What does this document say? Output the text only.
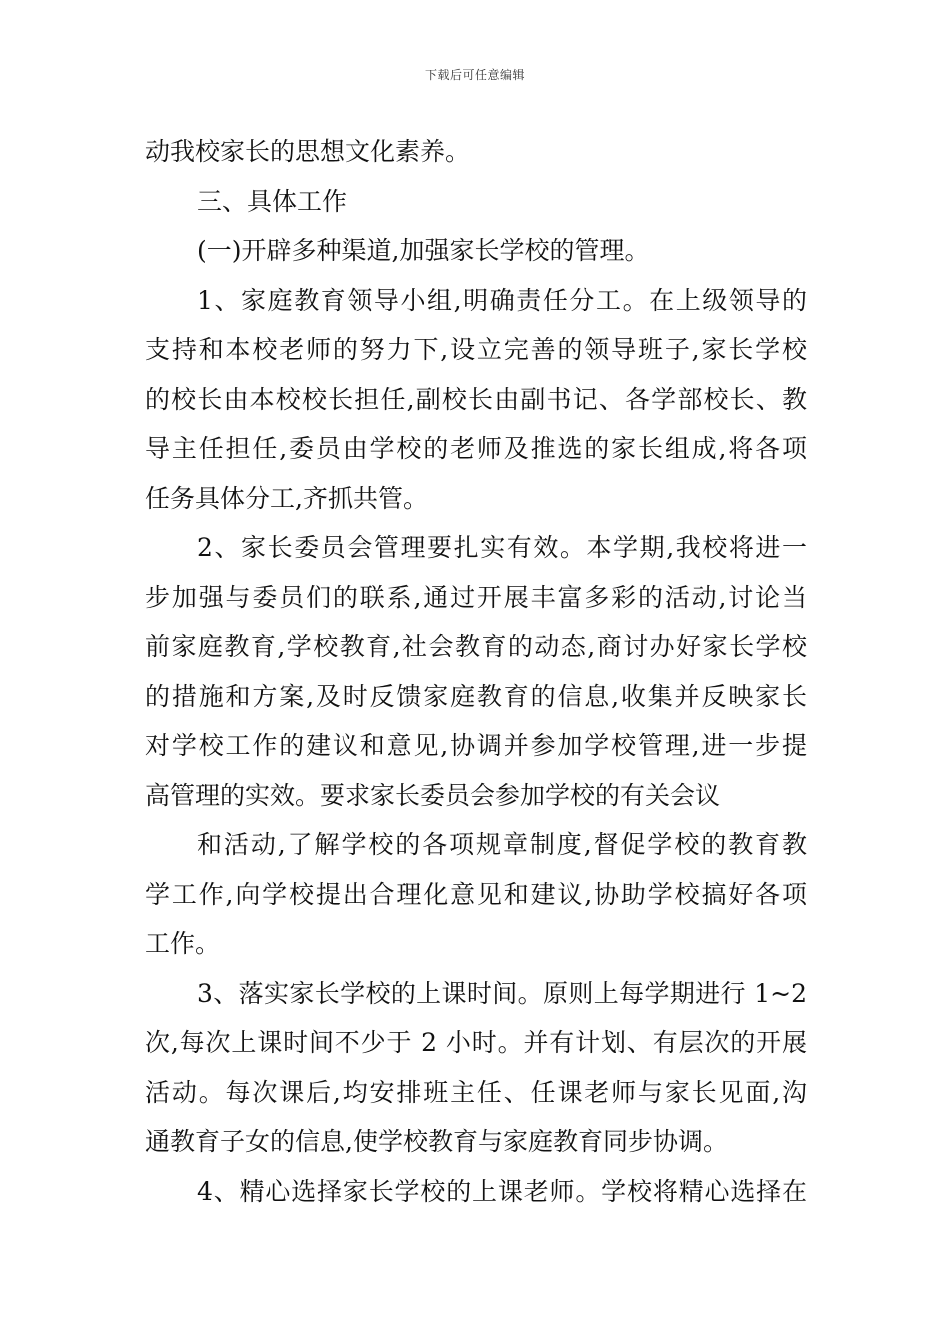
下载后可任意编辑
动我校家长的思想文化素养。
三、具体工作
(一)开辟多种渠道,加强家长学校的管理。
1、家庭教育领导小组,明确责任分工。在上级领导的
支持和本校老师的努力下,设立完善的领导班子,家长学校
的校长由本校校长担任,副校长由副书记、各学部校长、教
导主任担任,委员由学校的老师及推选的家长组成,将各项
任务具体分工,齐抓共管。
2、家长委员会管理要扎实有效。本学期,我校将进一
步加强与委员们的联系,通过开展丰富多彩的活动,讨论当
前家庭教育,学校教育,社会教育的动态,商讨办好家长学校
的措施和方案,及时反馈家庭教育的信息,收集并反映家长
对学校工作的建议和意见,协调并参加学校管理,进一步提
高管理的实效。要求家长委员会参加学校的有关会议
和活动,了解学校的各项规章制度,督促学校的教育教
学工作,向学校提出合理化意见和建议,协助学校搞好各项
工作。
3、落实家长学校的上课时间。原则上每学期进行 1~2
次,每次上课时间不少于 2 小时。并有计划、有层次的开展
活动。每次课后,均安排班主任、任课老师与家长见面,沟
通教育子女的信息,使学校教育与家庭教育同步协调。
4、精心选择家长学校的上课老师。学校将精心选择在
